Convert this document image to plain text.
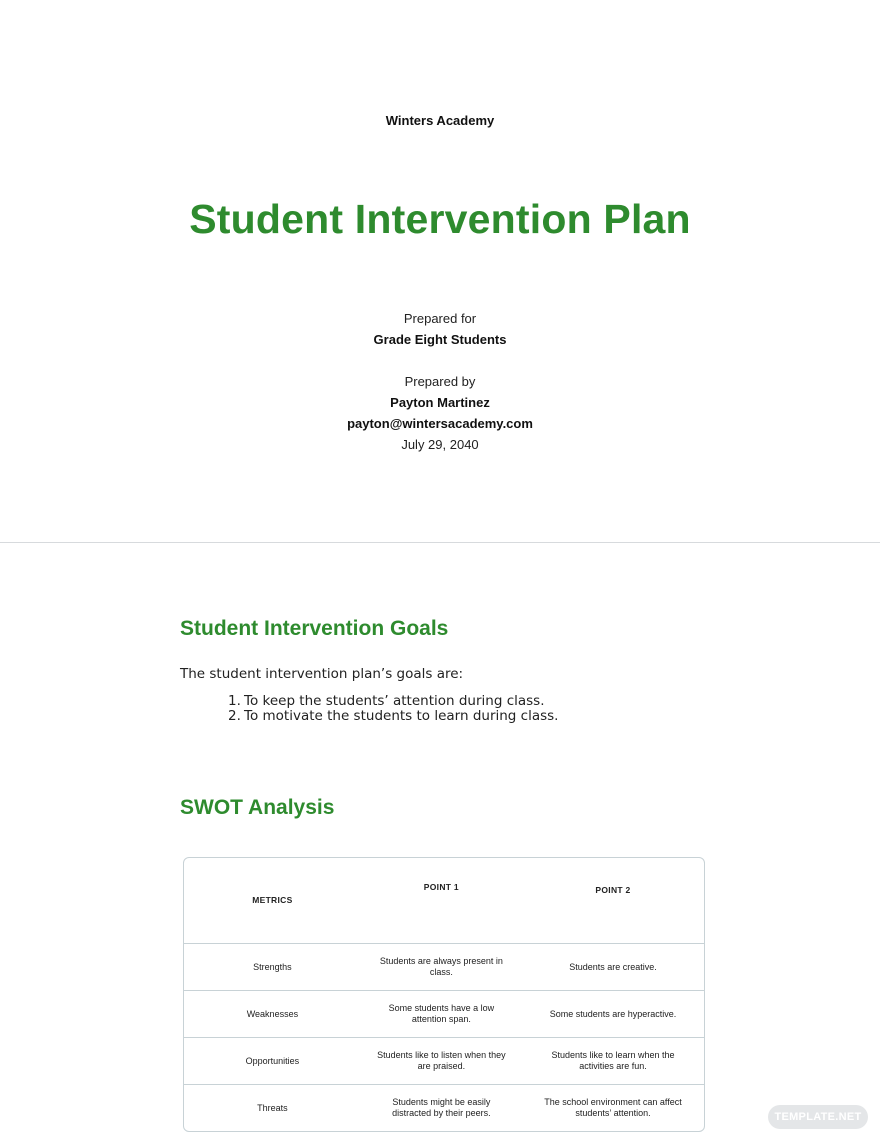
Winters Academy
Student Intervention Plan
Prepared for
Grade Eight Students
Prepared by
Payton Martinez
payton@wintersacademy.com
July 29, 2040
Student Intervention Goals
The student intervention plan’s goals are:
1. To keep the students’ attention during class.
2. To motivate the students to learn during class.
SWOT Analysis
METRICS	POINT 1	POINT 2
Strengths	Students are always present in class.	Students are creative.
Weaknesses	Some students have a low attention span.	Some students are hyperactive.
Opportunities	Students like to listen when they are praised.	Students like to learn when the activities are fun.
Threats	Students might be easily distracted by their peers.	The school environment can affect students’ attention.	TEMPLATE.NET
